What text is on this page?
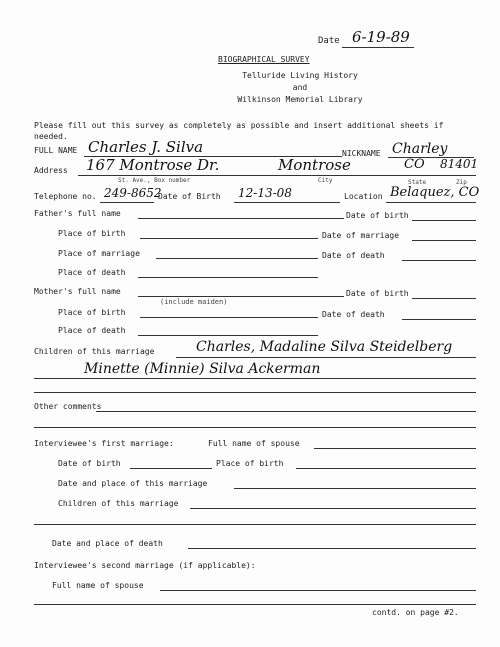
Date 6-19-89
BIOGRAPHICAL SURVEY
Telluride Living History
and
Wilkinson Memorial Library
Please fill out this survey as completely as possible and insert additional sheets if needed.
FULL NAME Charles J. Silva	NICKNAME Charley
Address 167 Montrose Dr.	Montrose	CO 81401
St. Ave., Box number	City	State	Zip
Telephone no. 249-8652
Date of Birth 12-13-08	Location Belaquez, CO
Father's full name	Date of birth
Place of birth	Date of marriage
Place of marriage	Date of death
Place of death
Mother's full name	Date of birth
(include maiden)
Place of birth	Date of death
Place of death
Children of this marriage	Charles, Madaline Silva Steidelberg
Minette (Minnie) Silva Ackerman
Other comments
Interviewee's first marriage:	Full name of spouse
Date of birth	Place of birth
Date and place of this marriage
Children of this marriage
Date and place of death
Interviewee's second marriage (if applicable):
Full name of spouse
contd. on page #2.
